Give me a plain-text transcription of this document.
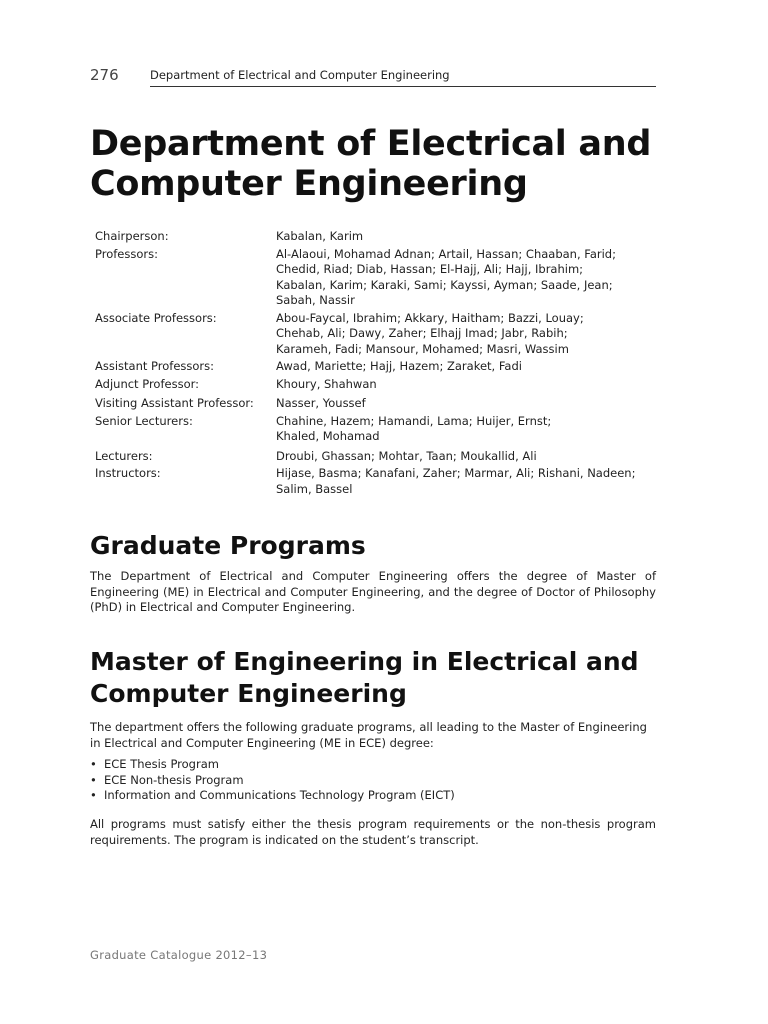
276	Department of Electrical and Computer Engineering
Department of Electrical and
Computer Engineering
Chairperson:	Kabalan, Karim
Professors:	Al-Alaoui, Mohamad Adnan; Artail, Hassan; Chaaban, Farid;
Chedid, Riad; Diab, Hassan; El-Hajj, Ali; Hajj, Ibrahim;
Kabalan, Karim; Karaki, Sami; Kayssi, Ayman; Saade, Jean;
Sabah, Nassir
Associate Professors:	Abou-Faycal, Ibrahim; Akkary, Haitham; Bazzi, Louay;
Chehab, Ali; Dawy, Zaher; Elhajj Imad; Jabr, Rabih;
Karameh, Fadi; Mansour, Mohamed; Masri, Wassim
Assistant Professors:	Awad, Mariette; Hajj, Hazem; Zaraket, Fadi
Adjunct Professor:	Khoury, Shahwan
Visiting Assistant Professor:	Nasser, Youssef
Senior Lecturers:	Chahine, Hazem; Hamandi, Lama; Huijer, Ernst;
Khaled, Mohamad
Lecturers:	Droubi, Ghassan; Mohtar, Taan; Moukallid, Ali
Instructors:	Hijase, Basma; Kanafani, Zaher; Marmar, Ali; Rishani, Nadeen;
Salim, Bassel
Graduate Programs

The Department of Electrical and Computer Engineering offers the degree of Master of Engineering (ME) in Electrical and Computer Engineering, and the degree of Doctor of Philosophy (PhD) in Electrical and Computer Engineering.

Master of Engineering in Electrical and
Computer Engineering

The department offers the following graduate programs, all leading to the Master of Engineering in Electrical and Computer Engineering (ME in ECE) degree:

• ECE Thesis Program
• ECE Non-thesis Program
• Information and Communications Technology Program (EICT)

All programs must satisfy either the thesis program requirements or the non-thesis program requirements. The program is indicated on the student’s transcript.

Graduate Catalogue 2012–13
